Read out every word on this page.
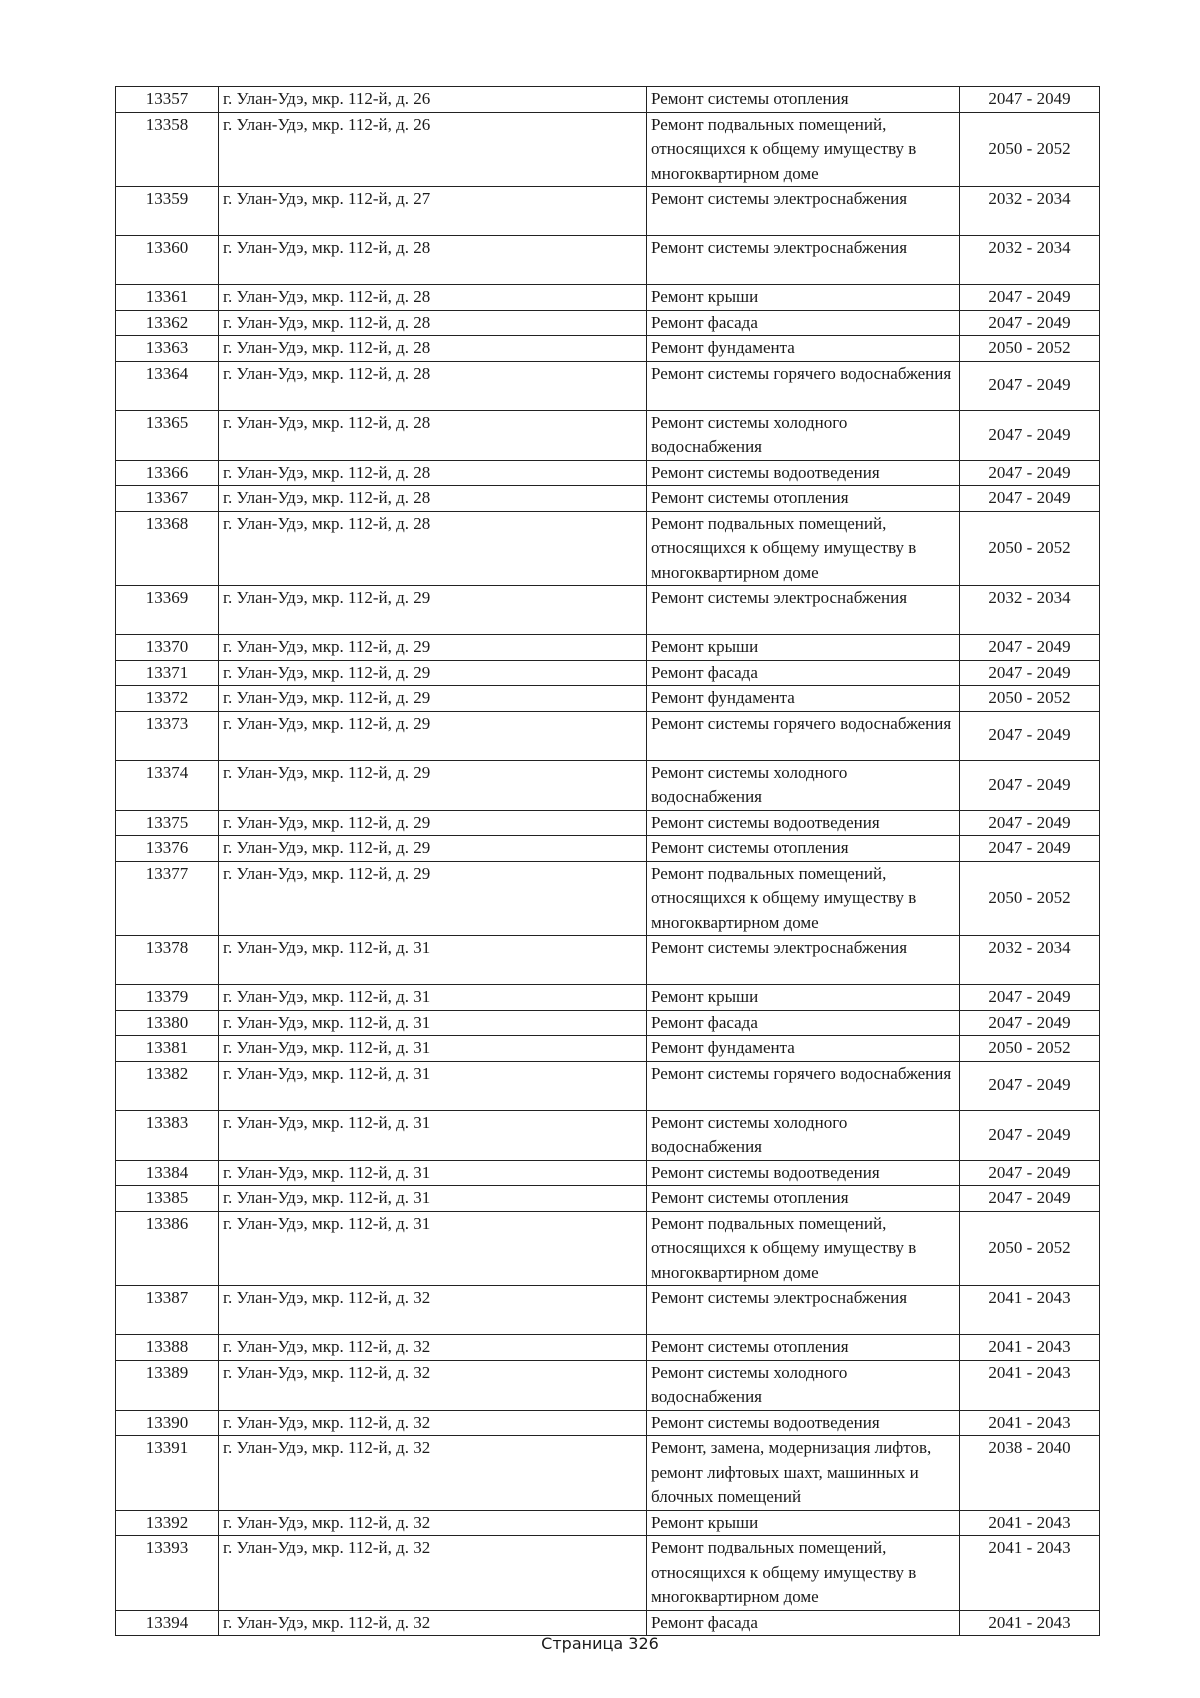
13357	г. Улан-Удэ, мкр. 112-й, д. 26	Ремонт системы отопления	2047 - 2049
13358	г. Улан-Удэ, мкр. 112-й, д. 26	Ремонт подвальных помещений, относящихся к общему имуществу в многоквартирном доме	2050 - 2052
13359	г. Улан-Удэ, мкр. 112-й, д. 27	Ремонт системы электроснабжения	2032 - 2034
13360	г. Улан-Удэ, мкр. 112-й, д. 28	Ремонт системы электроснабжения	2032 - 2034
13361	г. Улан-Удэ, мкр. 112-й, д. 28	Ремонт крыши	2047 - 2049
13362	г. Улан-Удэ, мкр. 112-й, д. 28	Ремонт фасада	2047 - 2049
13363	г. Улан-Удэ, мкр. 112-й, д. 28	Ремонт фундамента	2050 - 2052
13364	г. Улан-Удэ, мкр. 112-й, д. 28	Ремонт системы горячего водоснабжения	2047 - 2049
13365	г. Улан-Удэ, мкр. 112-й, д. 28	Ремонт системы холодного водоснабжения	2047 - 2049
13366	г. Улан-Удэ, мкр. 112-й, д. 28	Ремонт системы водоотведения	2047 - 2049
13367	г. Улан-Удэ, мкр. 112-й, д. 28	Ремонт системы отопления	2047 - 2049
13368	г. Улан-Удэ, мкр. 112-й, д. 28	Ремонт подвальных помещений, относящихся к общему имуществу в многоквартирном доме	2050 - 2052
13369	г. Улан-Удэ, мкр. 112-й, д. 29	Ремонт системы электроснабжения	2032 - 2034
13370	г. Улан-Удэ, мкр. 112-й, д. 29	Ремонт крыши	2047 - 2049
13371	г. Улан-Удэ, мкр. 112-й, д. 29	Ремонт фасада	2047 - 2049
13372	г. Улан-Удэ, мкр. 112-й, д. 29	Ремонт фундамента	2050 - 2052
13373	г. Улан-Удэ, мкр. 112-й, д. 29	Ремонт системы горячего водоснабжения	2047 - 2049
13374	г. Улан-Удэ, мкр. 112-й, д. 29	Ремонт системы холодного водоснабжения	2047 - 2049
13375	г. Улан-Удэ, мкр. 112-й, д. 29	Ремонт системы водоотведения	2047 - 2049
13376	г. Улан-Удэ, мкр. 112-й, д. 29	Ремонт системы отопления	2047 - 2049
13377	г. Улан-Удэ, мкр. 112-й, д. 29	Ремонт подвальных помещений, относящихся к общему имуществу в многоквартирном доме	2050 - 2052
13378	г. Улан-Удэ, мкр. 112-й, д. 31	Ремонт системы электроснабжения	2032 - 2034
13379	г. Улан-Удэ, мкр. 112-й, д. 31	Ремонт крыши	2047 - 2049
13380	г. Улан-Удэ, мкр. 112-й, д. 31	Ремонт фасада	2047 - 2049
13381	г. Улан-Удэ, мкр. 112-й, д. 31	Ремонт фундамента	2050 - 2052
13382	г. Улан-Удэ, мкр. 112-й, д. 31	Ремонт системы горячего водоснабжения	2047 - 2049
13383	г. Улан-Удэ, мкр. 112-й, д. 31	Ремонт системы холодного водоснабжения	2047 - 2049
13384	г. Улан-Удэ, мкр. 112-й, д. 31	Ремонт системы водоотведения	2047 - 2049
13385	г. Улан-Удэ, мкр. 112-й, д. 31	Ремонт системы отопления	2047 - 2049
13386	г. Улан-Удэ, мкр. 112-й, д. 31	Ремонт подвальных помещений, относящихся к общему имуществу в многоквартирном доме	2050 - 2052
13387	г. Улан-Удэ, мкр. 112-й, д. 32	Ремонт системы электроснабжения	2041 - 2043
13388	г. Улан-Удэ, мкр. 112-й, д. 32	Ремонт системы отопления	2041 - 2043
13389	г. Улан-Удэ, мкр. 112-й, д. 32	Ремонт системы холодного водоснабжения	2041 - 2043
13390	г. Улан-Удэ, мкр. 112-й, д. 32	Ремонт системы водоотведения	2041 - 2043
13391	г. Улан-Удэ, мкр. 112-й, д. 32	Ремонт, замена, модернизация лифтов, ремонт лифтовых шахт, машинных и блочных помещений	2038 - 2040
13392	г. Улан-Удэ, мкр. 112-й, д. 32	Ремонт крыши	2041 - 2043
13393	г. Улан-Удэ, мкр. 112-й, д. 32	Ремонт подвальных помещений, относящихся к общему имуществу в многоквартирном доме	2041 - 2043
13394	г. Улан-Удэ, мкр. 112-й, д. 32	Ремонт фасада	2041 - 2043
Страница 326
